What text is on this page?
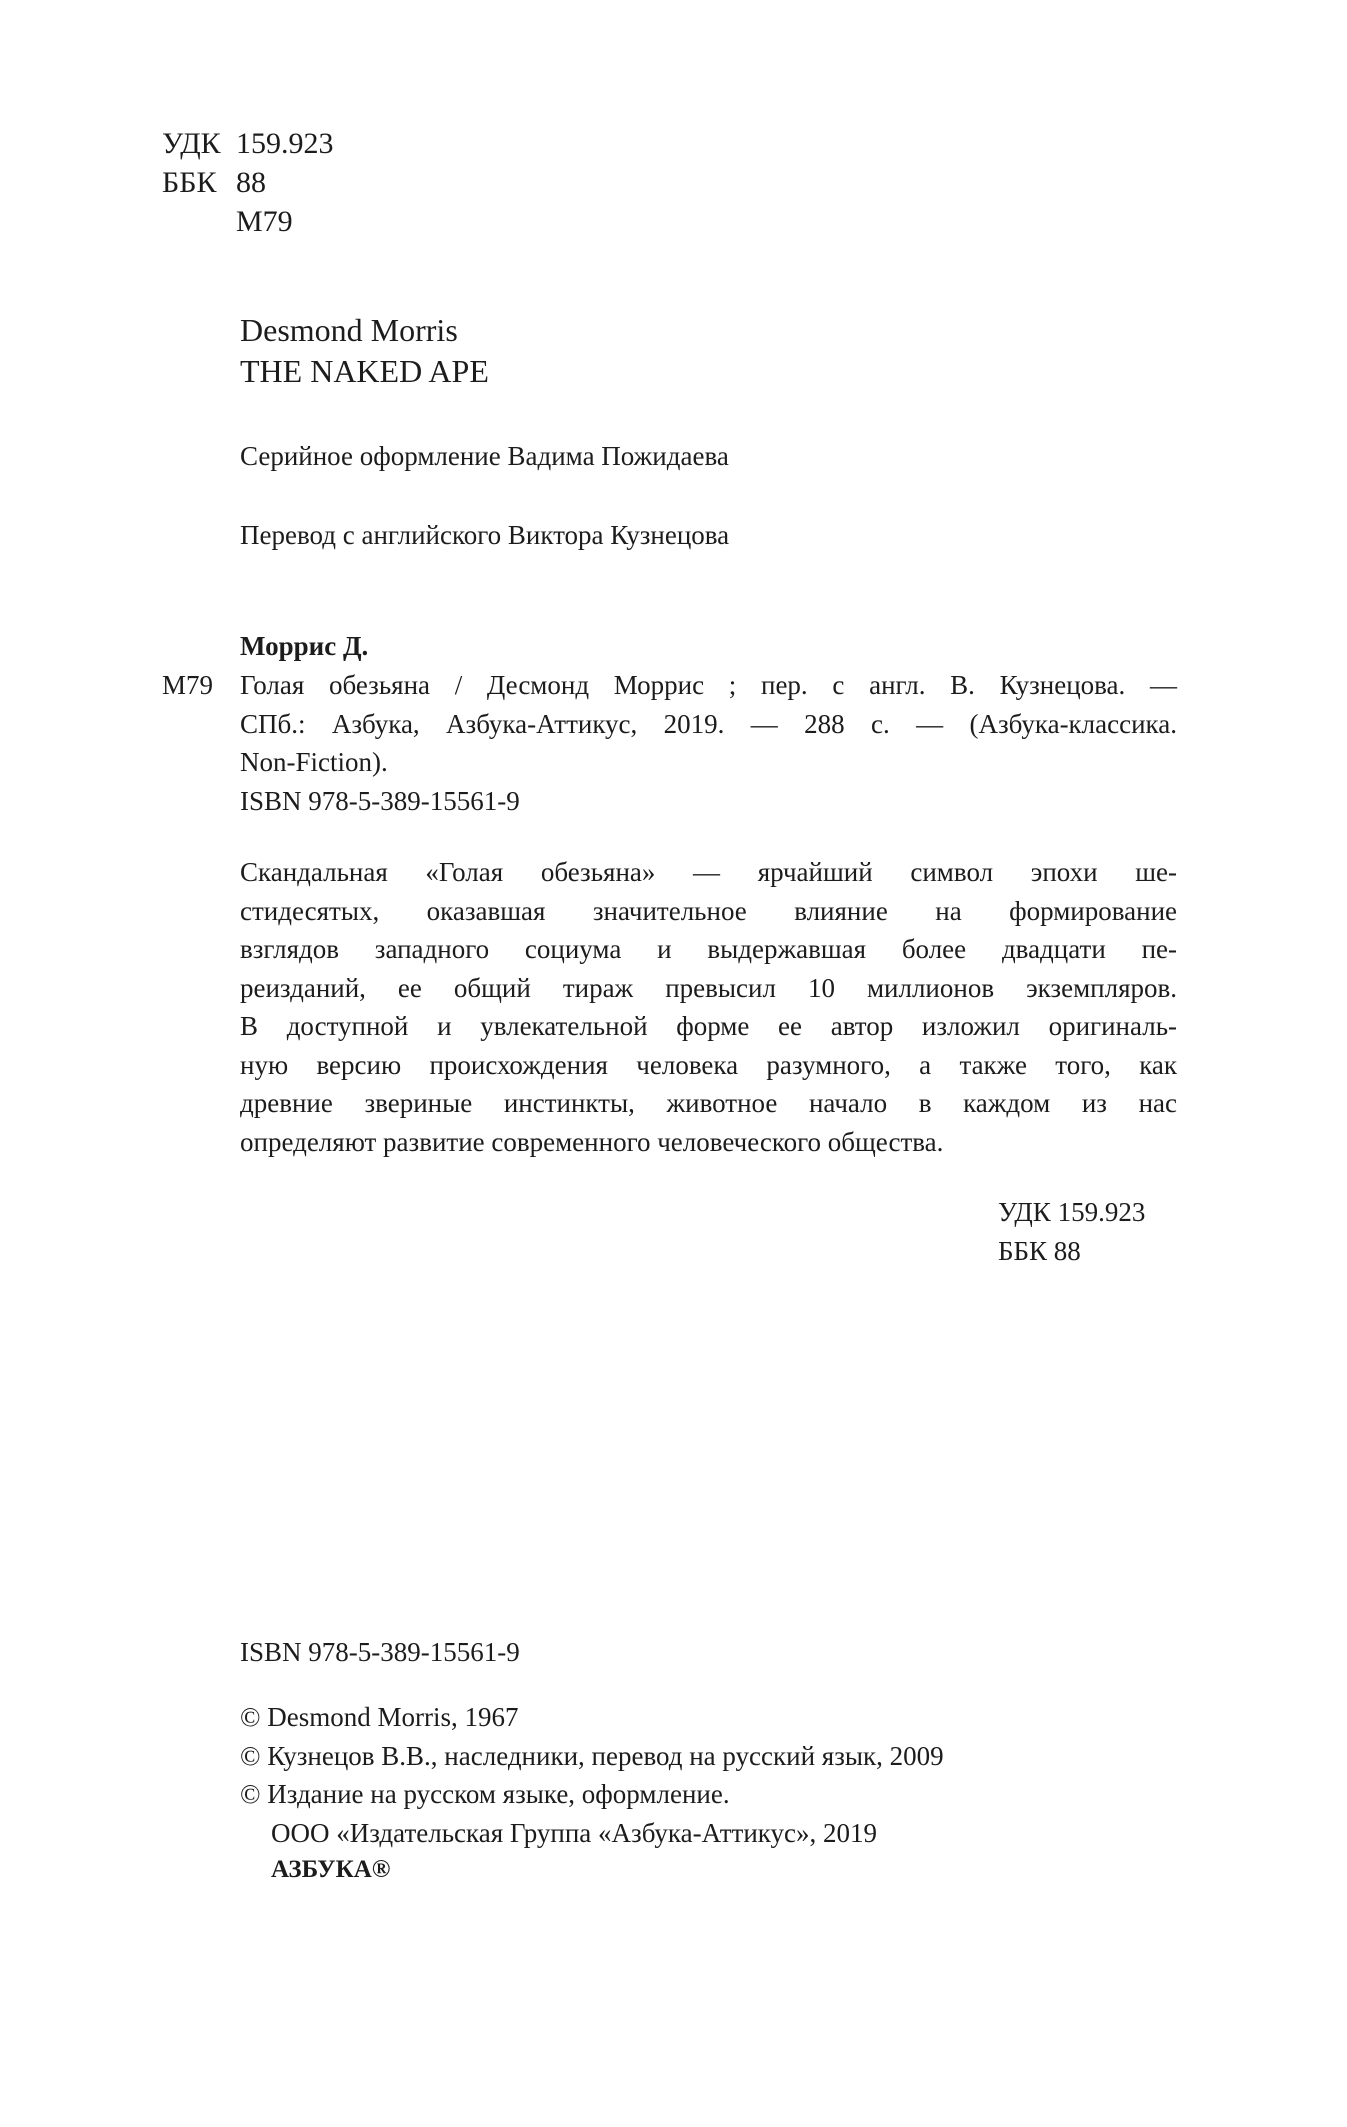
УДК 159.923
ББК 88
М79
Desmond Morris
THE NAKED APE
Серийное оформление Вадима Пожидаева
Перевод с английского Виктора Кузнецова
Моррис Д.
М79 Голая обезьяна / Десмонд Моррис ; пер. с англ. В. Кузнецова. —
СПб.: Азбука, Азбука-Аттикус, 2019. — 288 с. — (Азбука-классика.
Non-Fiction).
ISBN 978-5-389-15561-9
Скандальная «Голая обезьяна» — ярчайший символ эпохи ше-
стидесятых, оказавшая значительное влияние на формирование
взглядов западного социума и выдержавшая более двадцати пе-
реизданий, ее общий тираж превысил 10 миллионов экземпляров.
В доступной и увлекательной форме ее автор изложил оригиналь-
ную версию происхождения человека разумного, а также того, как
древние звериные инстинкты, животное начало в каждом из нас
определяют развитие современного человеческого общества.
УДК 159.923
ББК 88
ISBN 978-5-389-15561-9
© Desmond Morris, 1967
© Кузнецов В.В., наследники, перевод на русский язык, 2009
© Издание на русском языке, оформление.
ООО «Издательская Группа «Азбука-Аттикус», 2019
АЗБУКА®
